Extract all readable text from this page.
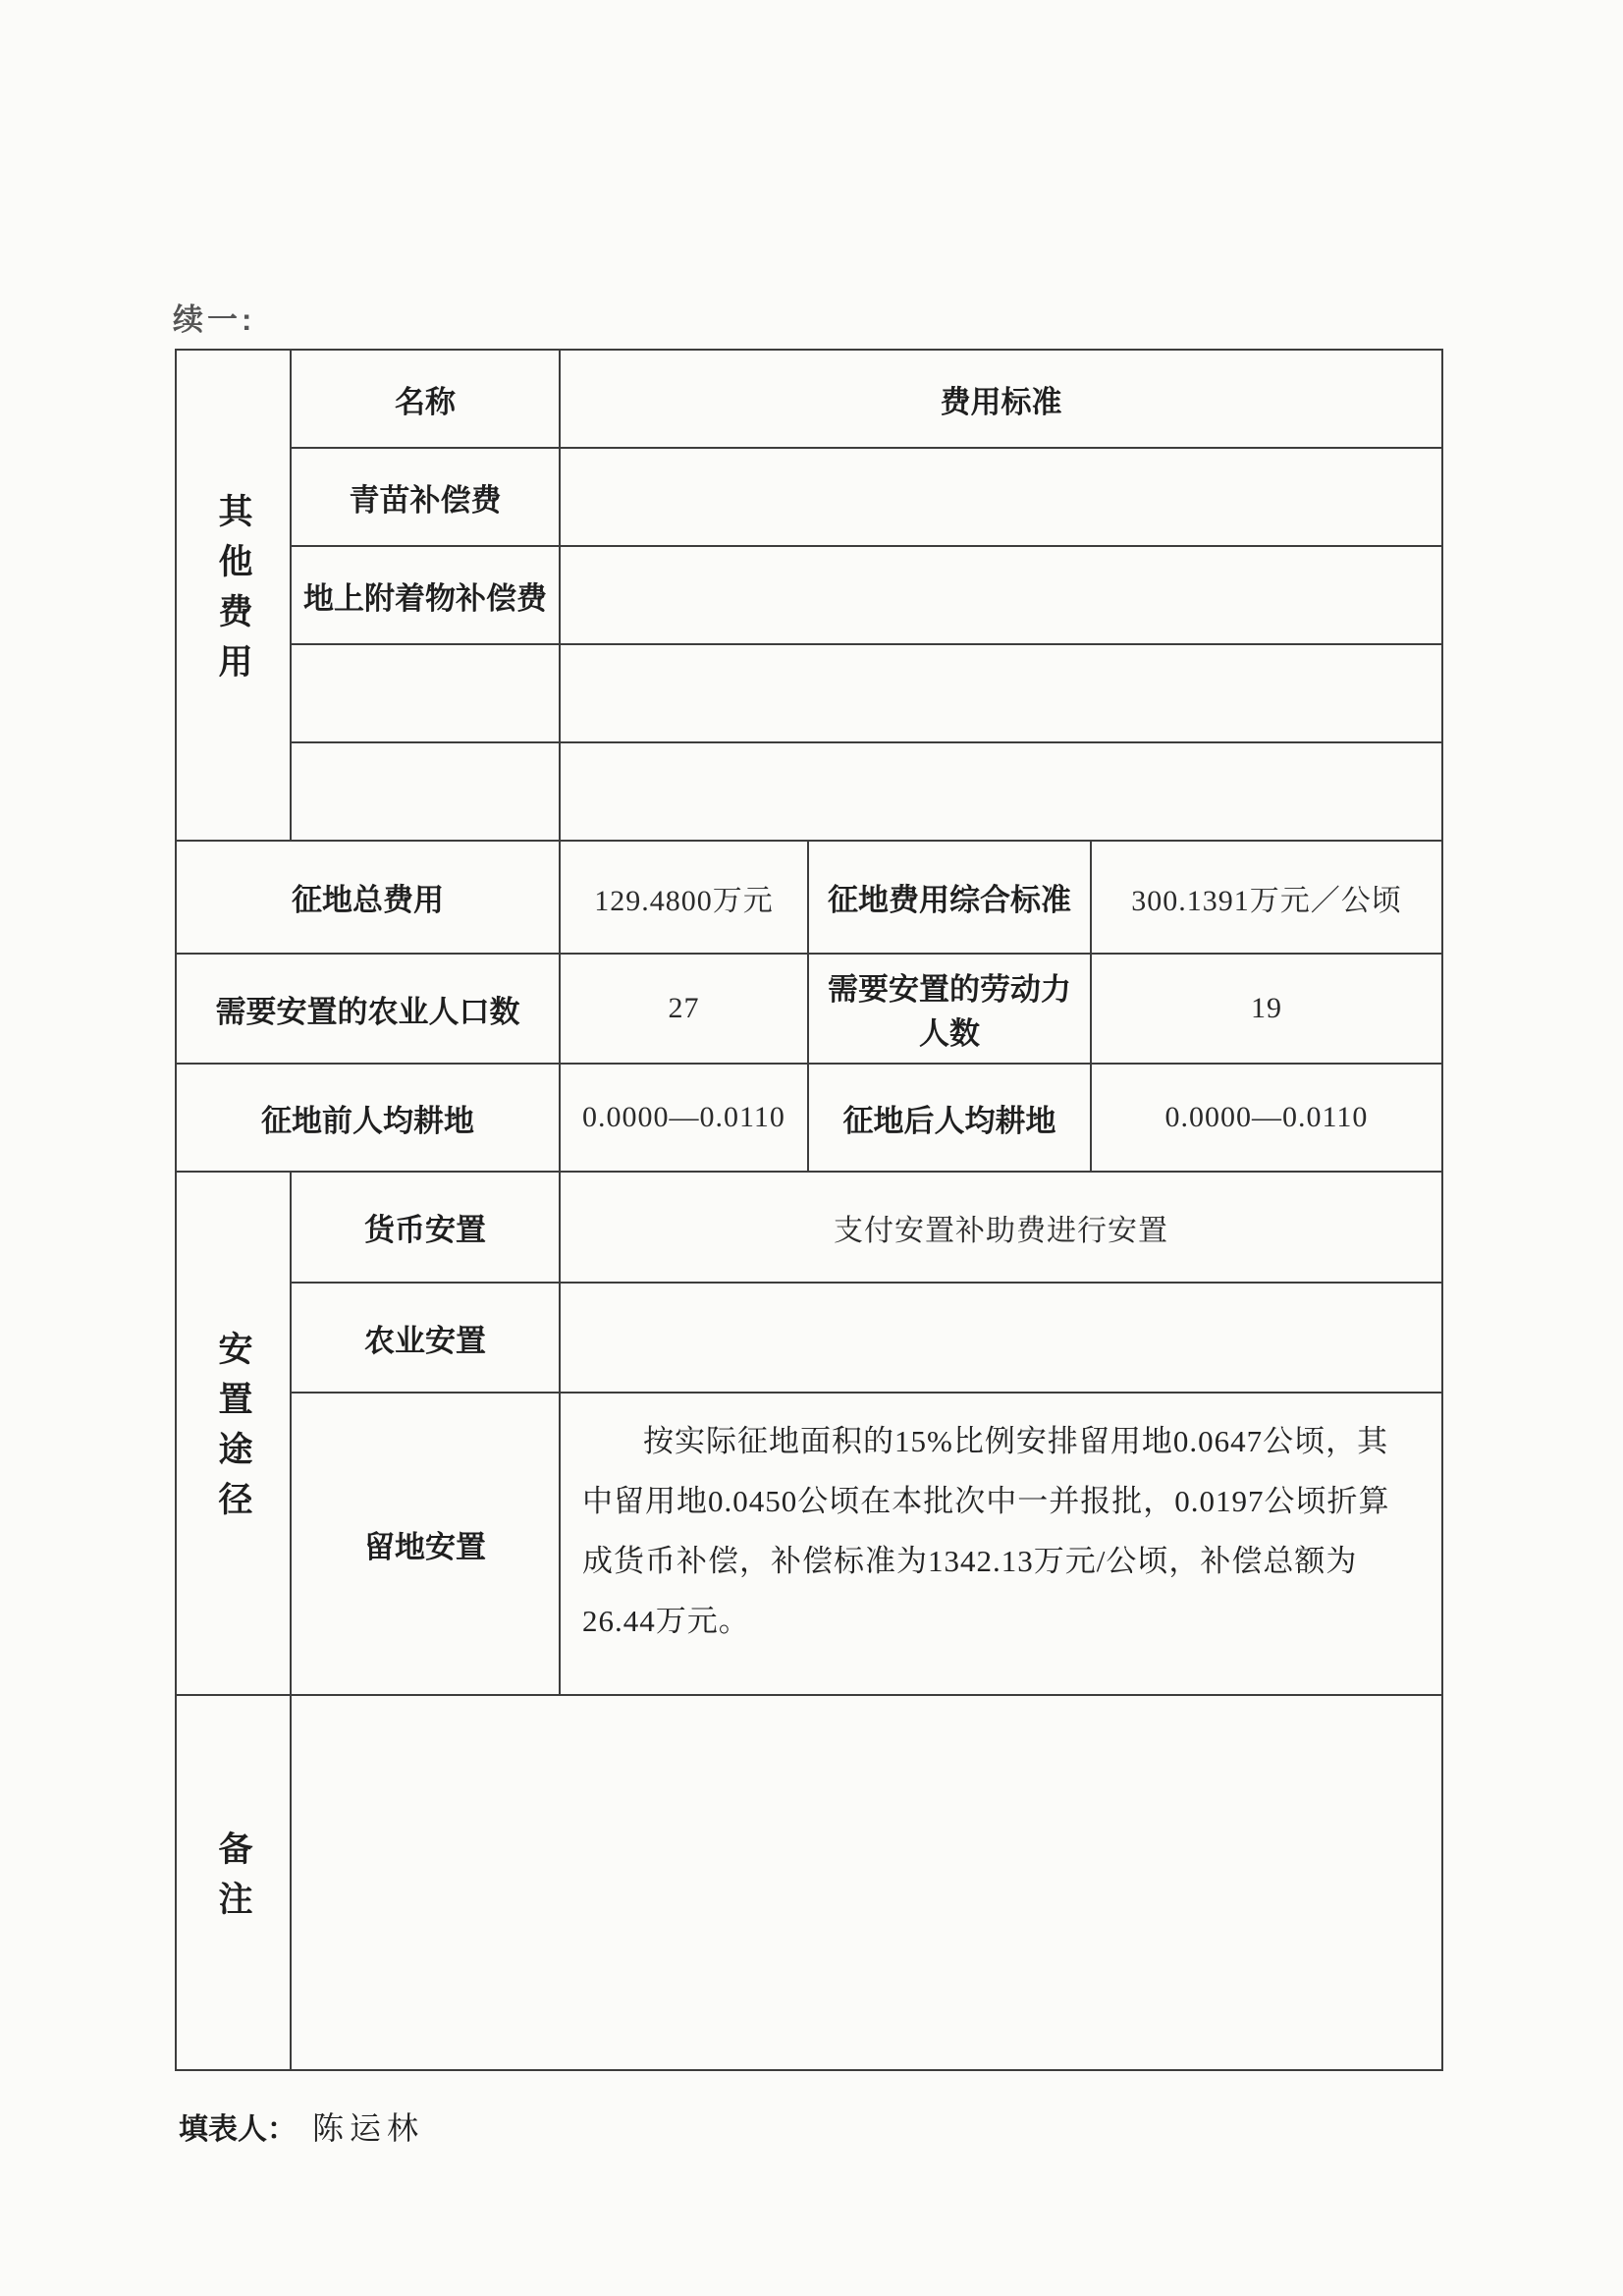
续一:
其他费用	名称	费用标准		
	青苗补偿费			
	地上附着物补偿费			

征地总费用		129.4800万元	征地费用综合标准	300.1391万元／公顷
需要安置的农业人口数		27	需要安置的劳动力人数	19
征地前人均耕地		0.0000—0.0110	征地后人均耕地	0.0000—0.0110
安置途径	货币安置	支付安置补助费进行安置		
	农业安置			
	留地安置	按实际征地面积的15%比例安排留用地0.0647公顷，其中留用地0.0450公顷在本批次中一并报批，0.0197公顷折算成货币补偿，补偿标准为1342.13万元/公顷，补偿总额为26.44万元。		

备注				
填表人： 陈运林
